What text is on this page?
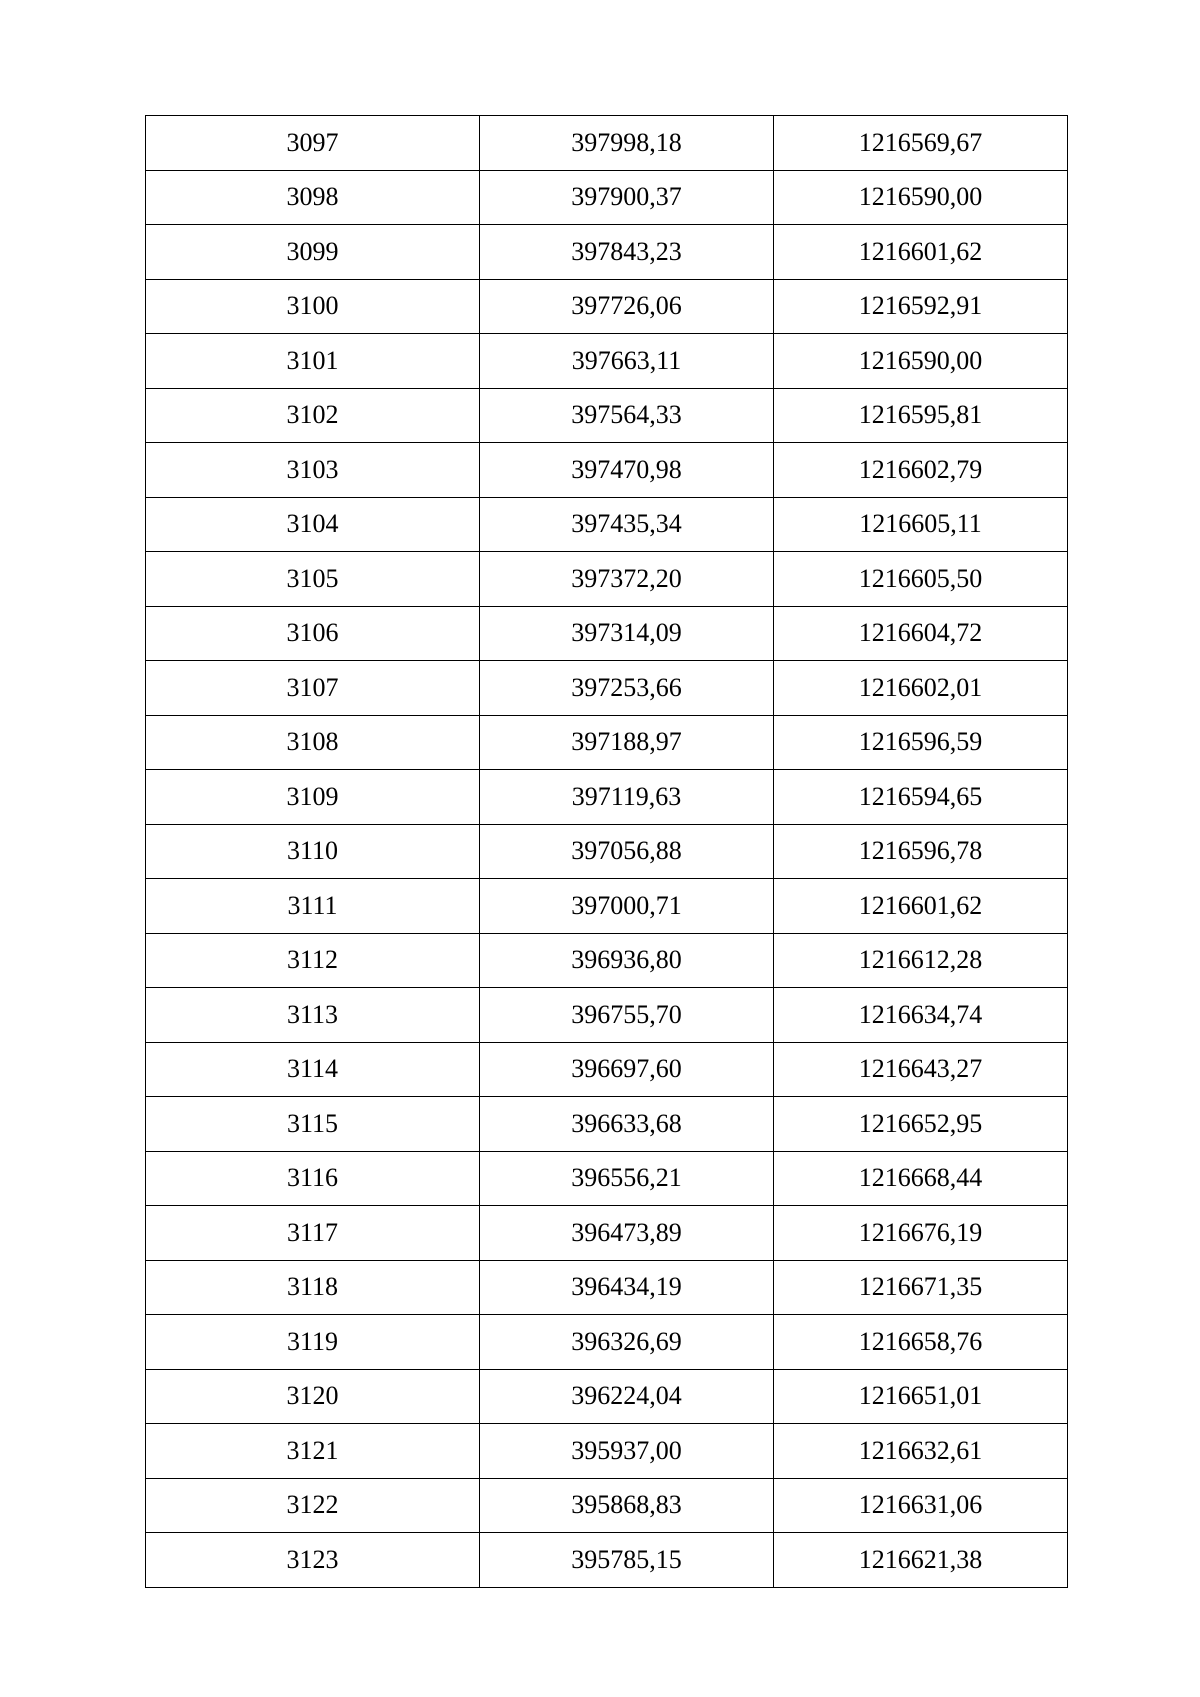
3097	397998,18	1216569,67
3098	397900,37	1216590,00
3099	397843,23	1216601,62
3100	397726,06	1216592,91
3101	397663,11	1216590,00
3102	397564,33	1216595,81
3103	397470,98	1216602,79
3104	397435,34	1216605,11
3105	397372,20	1216605,50
3106	397314,09	1216604,72
3107	397253,66	1216602,01
3108	397188,97	1216596,59
3109	397119,63	1216594,65
3110	397056,88	1216596,78
3111	397000,71	1216601,62
3112	396936,80	1216612,28
3113	396755,70	1216634,74
3114	396697,60	1216643,27
3115	396633,68	1216652,95
3116	396556,21	1216668,44
3117	396473,89	1216676,19
3118	396434,19	1216671,35
3119	396326,69	1216658,76
3120	396224,04	1216651,01
3121	395937,00	1216632,61
3122	395868,83	1216631,06
3123	395785,15	1216621,38
